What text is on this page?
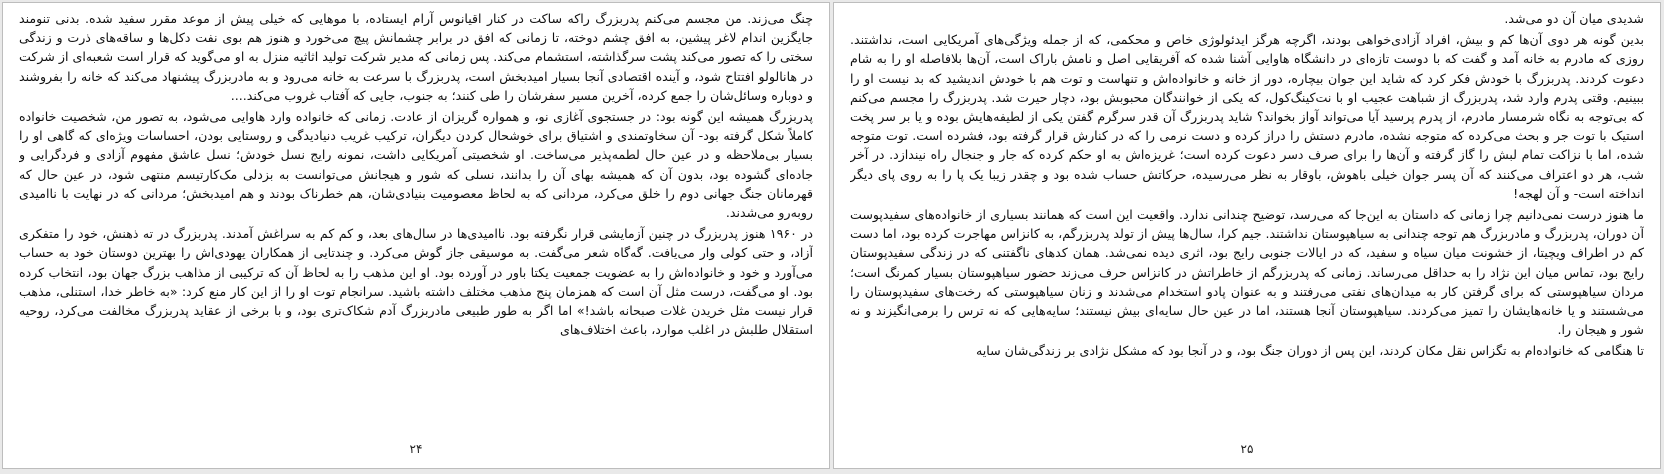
چنگ می‌زند. من مجسم می‌کنم پدربزرگ راکه ساکت در کنار اقیانوس آرام ایستاده، با موهایی که خیلی پیش از موعد مقرر سفید شده. بدنی تنومند جایگزین اندام لاغر پیشین، به افق چشم دوخته، تا زمانی که افق در برابر چشمانش پیچ می‌خورد و هنوز هم بوی نفت دکل‌ها و ساقه‌های ذرت و زندگی سختی را که تصور می‌کند پشت سرگذاشته، استشمام می‌کند. پس زمانی که مدیر شرکت تولید اثاثیه منزل به او می‌گوید که قرار است شعبه‌ای از شرکت در هانالولو افتتاح شود، و آینده اقتصادی آنجا بسیار امیدبخش است، پدربزرگ با سرعت به خانه می‌رود و به مادربزرگ پیشنهاد می‌کند که خانه را بفروشند و دوباره وسائل‌شان را جمع کرده، آخرین مسیر سفرشان را طی کنند؛ به جنوب، جایی که آفتاب غروب می‌کند....

پدربزرگ همیشه این گونه بود: در جستجوی آغازی نو، و همواره گریزان از عادت. زمانی که خانواده وارد هاوایی می‌شود، به تصور من، شخصیت خانواده کاملاً شکل گرفته بود- آن سخاوتمندی و اشتیاق برای خوشحال کردن دیگران، ترکیب غریب دنیادیدگی و روستایی بودن، احساسات ویژه‌ای که گاهی او را بسیار بی‌ملاحظه و در عین حال لطمه‌پذیر می‌ساخت. او شخصیتی آمریکایی داشت، نمونه رایج نسل خودش؛ نسل عاشق مفهوم آزادی و فردگرایی و جاده‌ای گشوده بود، بدون آن که همیشه بهای آن را بدانند، نسلی که شور و هیجانش می‌توانست به بزدلی مک‌کارتیسم منتهی شود، در عین حال که قهرمانان جنگ جهانی دوم را خلق می‌کرد، مردانی که به لحاظ معصومیت بنیادی‌شان، هم خطرناک بودند و هم امیدبخش؛ مردانی که در نهایت با ناامیدی روبه‌رو می‌شدند.

در ۱۹۶۰ هنوز پدربزرگ در چنین آزمایشی قرار نگرفته بود. ناامیدی‌ها در سال‌های بعد، و کم کم به سراغش آمدند. پدربزرگ در ته ذهنش، خود را متفکری آزاد، و حتی کولی وار می‌یافت. گه‌گاه شعر می‌گفت. به موسیقی جاز گوش می‌کرد. و چندتایی از همکاران یهودی‌اش را بهترین دوستان خود به حساب می‌آورد و خود و خانواده‌اش را به عضویت جمعیت یکتا باور در آورده بود. او این مذهب را به لحاظ آن که ترکیبی از مذاهب بزرگ جهان بود، انتخاب کرده بود. او می‌گفت، درست مثل آن است که همزمان پنج مذهب مختلف داشته باشید. سرانجام توت او را از این کار منع کرد: «به خاطر خدا، استنلی، مذهب قرار نیست مثل خریدن غلات صبحانه باشد!» اما اگر به طور طبیعی مادربزرگ آدم شکاک‌تری بود، و با برخی از عقاید پدربزرگ مخالفت می‌کرد، روحیه استقلال طلبش در اغلب موارد، باعث اختلاف‌های

۲۴

شدیدی میان آن دو می‌شد.

بدین گونه هر دوی آن‌ها کم و بیش، افراد آزادی‌خواهی بودند، اگرچه هرگز ایدئولوژی خاص و محکمی، که از جمله ویژگی‌های آمریکایی است، نداشتند. روزی که مادرم به خانه آمد و گفت که با دوست تازه‌ای در دانشگاه هاوایی آشنا شده که آفریقایی اصل و نامش باراک است، آن‌ها بلافاصله او را به شام دعوت کردند. پدربزرگ با خودش فکر کرد که شاید این جوان بیچاره، دور از خانه و خانواده‌اش و تنهاست و توت هم با خودش اندیشید که بد نیست او را ببینیم. وقتی پدرم وارد شد، پدربزرگ از شباهت عجیب او با نت‌کینگ‌کول، که یکی از خوانندگان محبوبش بود، دچار حیرت شد. پدربزرگ را مجسم می‌کنم که بی‌توجه به نگاه شرمسار مادرم، از پدرم پرسید آیا می‌تواند آواز بخواند؟ شاید پدربزرگ آن قدر سرگرم گفتن یکی از لطیفه‌هایش بوده و یا بر سر پخت استیک با توت جر و بحث می‌کرده که متوجه نشده، مادرم دستش را دراز کرده و دست نرمی را که در کنارش قرار گرفته بود، فشرده است. توت متوجه شده، اما با نزاکت تمام لبش را گاز گرفته و آن‌ها را برای صرف دسر دعوت کرده است؛ غریزه‌اش به او حکم کرده که جار و جنجال راه نیندازد. در آخر شب، هر دو اعتراف می‌کنند که آن پسر جوان خیلی باهوش، باوقار به نظر می‌رسیده، حرکاتش حساب شده بود و چقدر زیبا یک پا را به روی پای دیگر انداخته است- و آن لهجه!

ما هنوز درست نمی‌دانیم چرا زمانی که داستان به این‌جا که می‌رسد، توضیح چندانی ندارد. واقعیت این است که همانند بسیاری از خانواده‌های سفیدپوست آن دوران، پدربزرگ و مادربزرگ هم توجه چندانی به سیاهپوستان نداشتند. جیم کرا، سال‌ها پیش از تولد پدربزرگم، به کانزاس مهاجرت کرده بود، اما دست کم در اطراف ویچیتا، از خشونت میان سیاه و سفید، که در ایالات جنوبی رایج بود، اثری دیده نمی‌شد. همان کدهای ناگفتنی که در زندگی سفیدپوستان رایج بود، تماس میان این نژاد را به حداقل می‌رساند. زمانی که پدربزرگم از خاطراتش در کانزاس حرف می‌زند حضور سیاهپوستان بسیار کمرنگ است؛ مردان سیاهپوستی که برای گرفتن کار به میدان‌های نفتی می‌رفتند و به عنوان پادو استخدام می‌شدند و زنان سیاهپوستی که رخت‌های سفیدپوستان را می‌شستند و یا خانه‌هایشان را تمیز می‌کردند. سیاهپوستان آنجا هستند، اما در عین حال سایه‌ای بیش نیستند؛ سایه‌هایی که نه ترس را برمی‌انگیزند و نه شور و هیجان را.

تا هنگامی که خانواده‌ام به تگزاس نقل مکان کردند، این پس از دوران جنگ بود، و در آنجا بود که مشکل نژادی بر زندگی‌شان سایه

۲۵
